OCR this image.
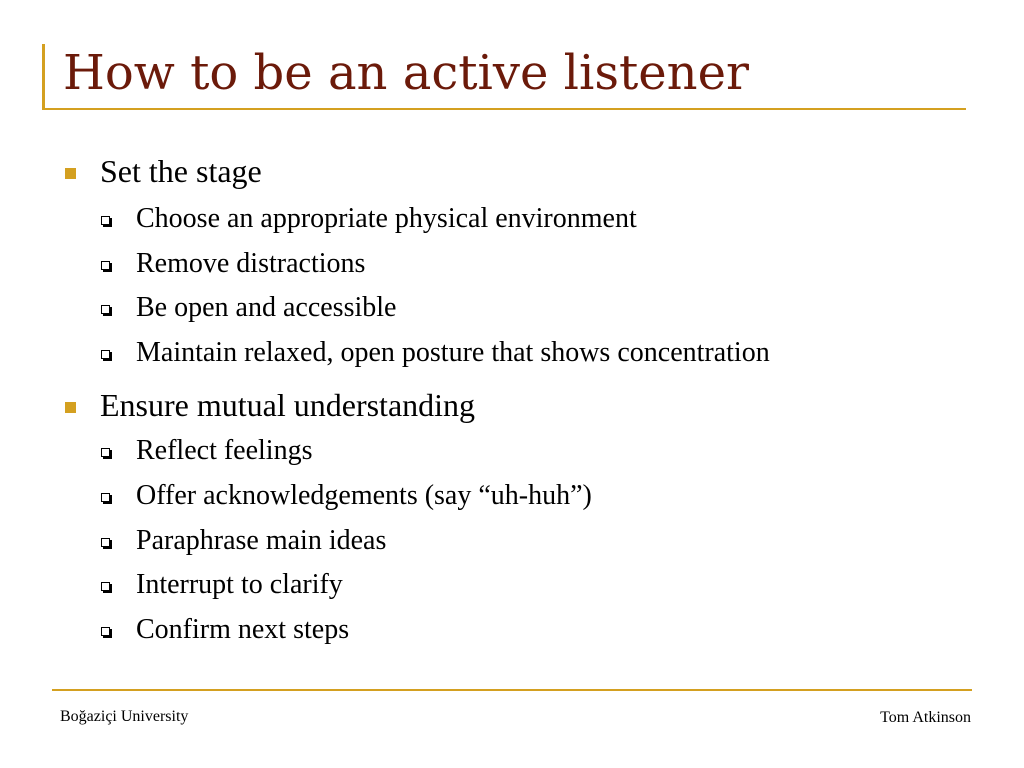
How to be an active listener
Set the stage
Choose an appropriate physical environment
Remove distractions
Be open and accessible
Maintain relaxed, open posture that shows concentration
Ensure mutual understanding
Reflect feelings
Offer acknowledgements (say “uh-huh”)
Paraphrase main ideas
Interrupt to clarify
Confirm next steps
Boğaziçi University	Tom Atkinson
